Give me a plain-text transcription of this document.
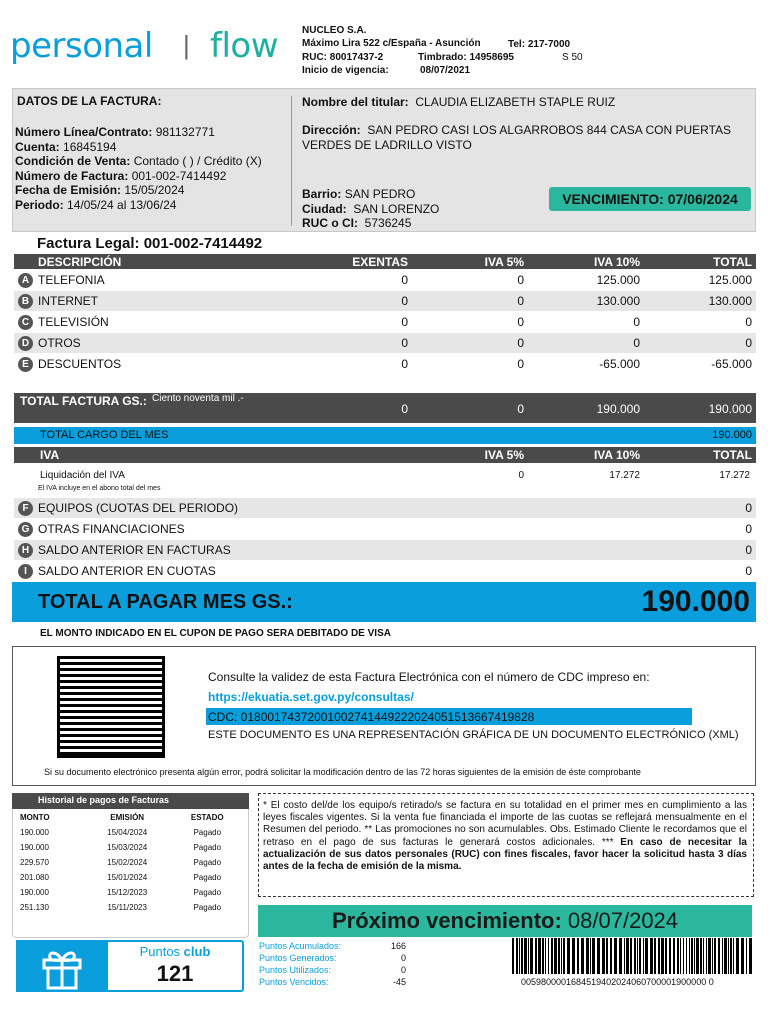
personal | flow NUCLEO S.A.
Máximo Lira 522 c/España - Asunción	Tel: 217-7000
RUC: 80017437-2	Timbrado: 14958695	S 50
Inicio de vigencia:	08/07/2021
DATOS DE LA FACTURA:
Número Línea/Contrato: 981132771
Cuenta: 16845194
Condición de Venta: Contado ( ) / Crédito (X)
Número de Factura: 001-002-7414492
Fecha de Emisión: 15/05/2024
Periodo: 14/05/24 al 13/06/24
Nombre del titular: CLAUDIA ELIZABETH STAPLE RUIZ
Dirección: SAN PEDRO CASI LOS ALGARROBOS 844 CASA CON PUERTAS VERDES DE LADRILLO VISTO
Barrio: SAN PEDRO
Ciudad: SAN LORENZO
RUC o CI: 5736245
VENCIMIENTO: 07/06/2024
Factura Legal: 001-002-7414492
DESCRIPCIÓN	EXENTAS	IVA 5%	IVA 10%	TOTAL
A TELEFONIA	0	0	125.000	125.000
B INTERNET	0	0	130.000	130.000
C TELEVISIÓN	0	0	0	0
D OTROS	0	0	0	0
E DESCUENTOS	0	0	-65.000	-65.000
TOTAL FACTURA GS.: Ciento noventa mil .-
0	0	190.000	190.000
TOTAL CARGO DEL MES	190.000
IVA	IVA 5%	IVA 10%	TOTAL
Liquidación del IVA	0	17.272	17.272
El IVA incluye en el abono total del mes
F EQUIPOS (CUOTAS DEL PERIODO)	0
G OTRAS FINANCIACIONES	0
H SALDO ANTERIOR EN FACTURAS	0
I SALDO ANTERIOR EN CUOTAS	0
TOTAL A PAGAR MES GS.:	190.000
EL MONTO INDICADO EN EL CUPON DE PAGO SERA DEBITADO DE VISA
Consulte la validez de esta Factura Electrónica con el número de CDC impreso en:
https://ekuatia.set.gov.py/consultas/
CDC: 01800174372001002741449222024051513667419828
ESTE DOCUMENTO ES UNA REPRESENTACIÓN GRÁFICA DE UN DOCUMENTO ELECTRÓNICO (XML)
Si su documento electrónico presenta algún error, podrá solicitar la modificación dentro de las 72 horas siguientes de la emisión de éste comprobante
Historial de pagos de Facturas
MONTO	EMISIÓN	ESTADO
190.000	15/04/2024	Pagado
190.000	15/03/2024	Pagado
229.570	15/02/2024	Pagado
201.080	15/01/2024	Pagado
190.000	15/12/2023	Pagado
251.130	15/11/2023	Pagado
* El costo del/de los equipo/s retirado/s se factura en su totalidad en el primer mes en cumplimiento a las leyes fiscales vigentes. Si la venta fue financiada el importe de las cuotas se reflejará mensualmente en el Resumen del periodo. ** Las promociones no son acumulables. Obs. Estimado Cliente le recordamos que el retraso en el pago de sus facturas le generará costos adicionales. *** En caso de necesitar la actualización de sus datos personales (RUC) con fines fiscales, favor hacer la solicitud hasta 3 días antes de la fecha de emisión de la misma.
Próximo vencimiento: 08/07/2024
Puntos club
121
Puntos Acumulados:	166
Puntos Generados:	0
Puntos Utilizados:	0
Puntos Vencidos:	-45	0059800001684519402024060700001900000 0
